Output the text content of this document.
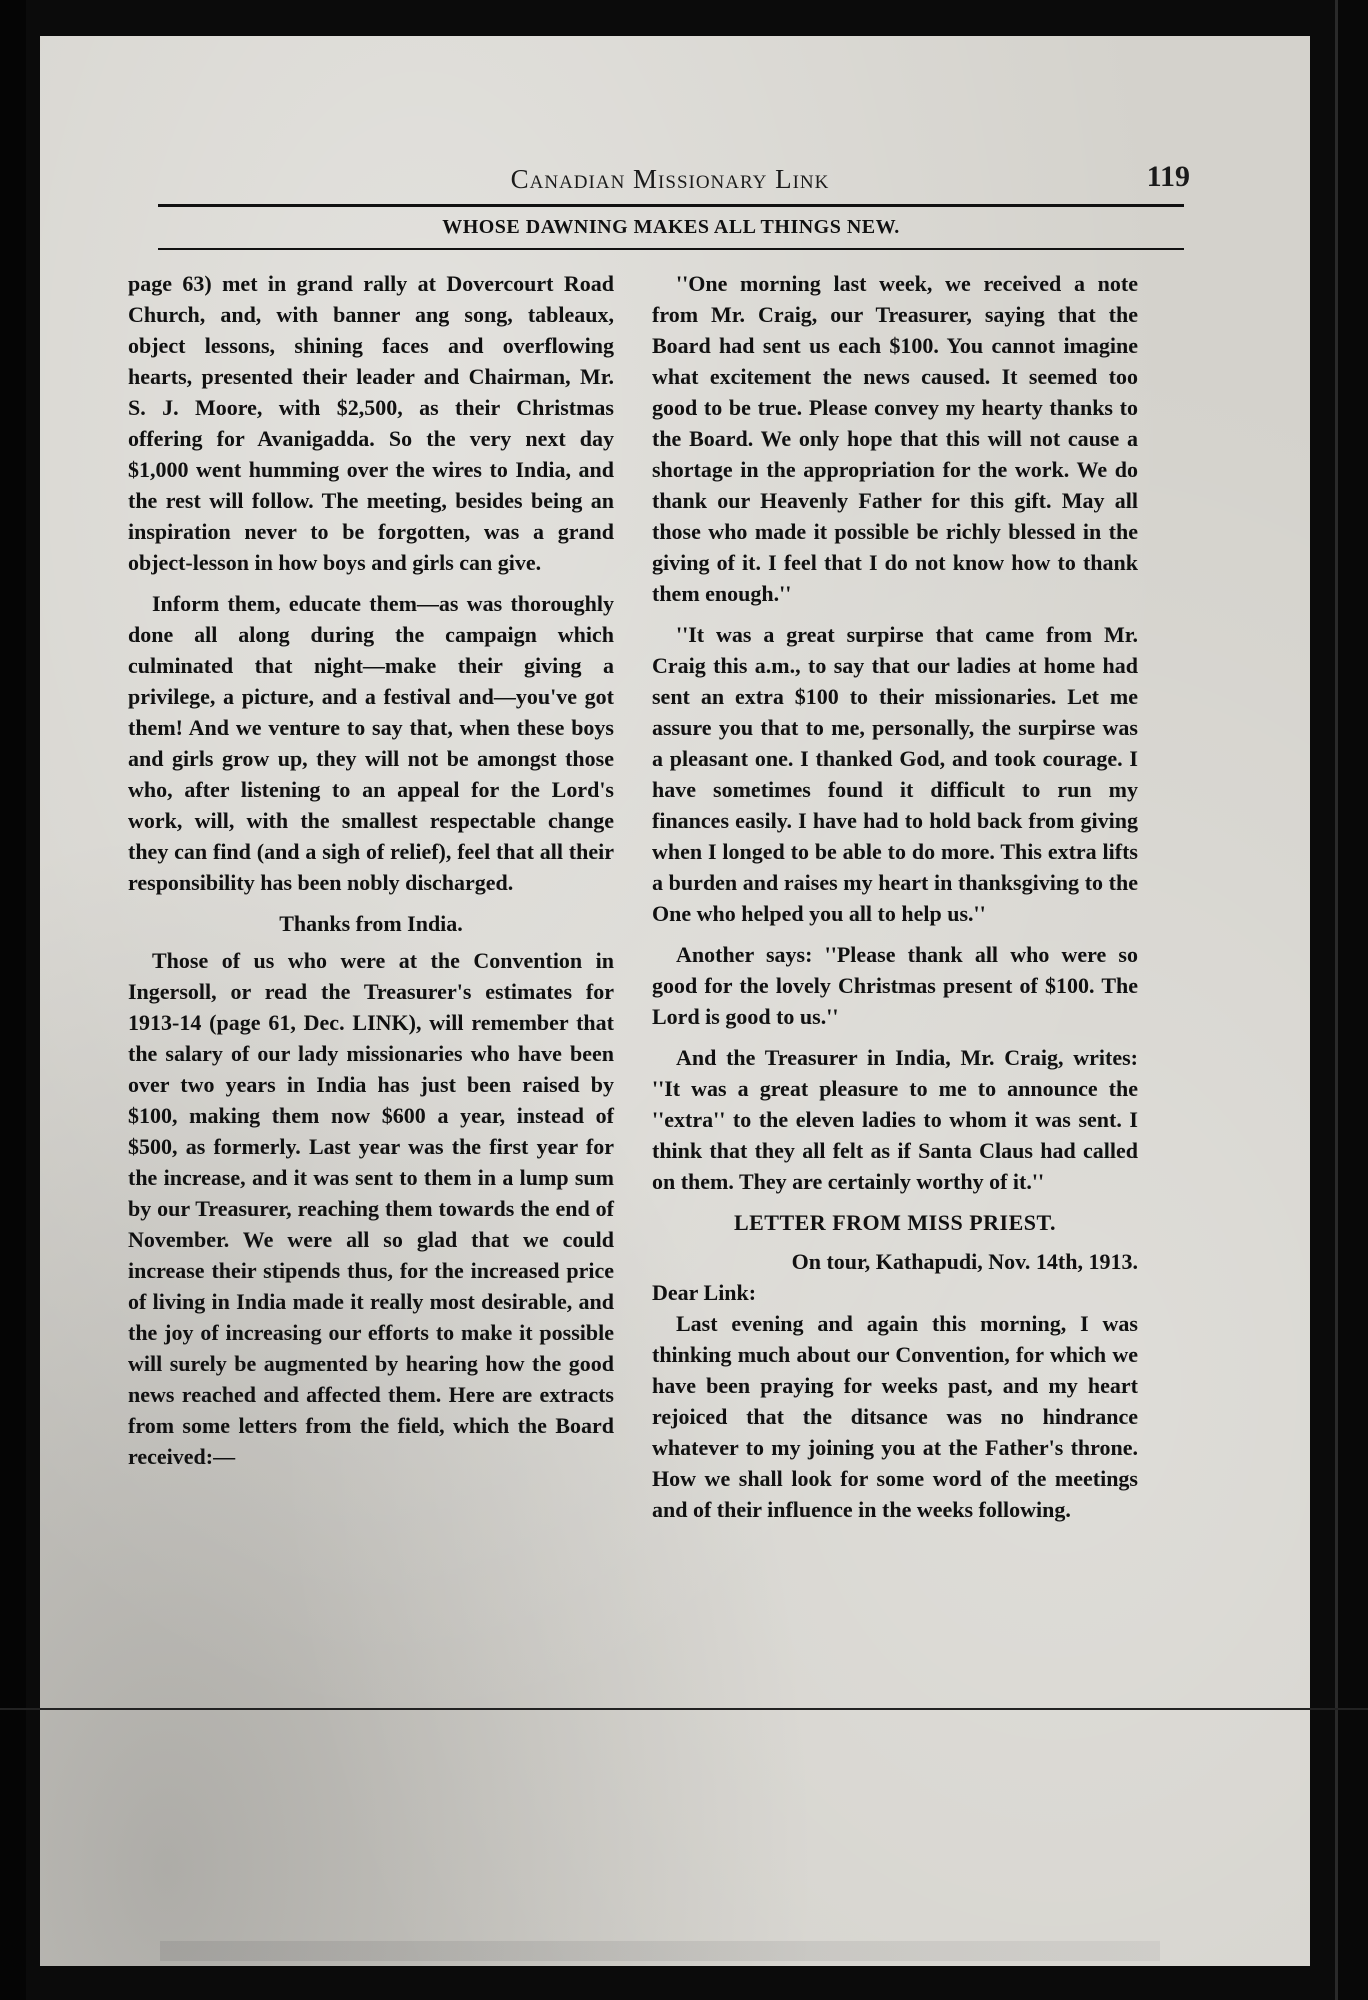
Canadian Missionary Link	119
WHOSE DAWNING MAKES ALL THINGS NEW.

page 63) met in grand rally at Dovercourt Road Church, and, with banner ang song, tableaux, object lessons, shining faces and overflowing hearts, presented their leader and Chairman, Mr. S. J. Moore, with $2,500, as their Christmas offering for Avanigadda. So the very next day $1,000 went humming over the wires to India, and the rest will follow. The meeting, besides being an inspiration never to be forgotten, was a grand object-lesson in how boys and girls can give.

Inform them, educate them—as was thoroughly done all along during the campaign which culminated that night—make their giving a privilege, a picture, and a festival and—you've got them! And we venture to say that, when these boys and girls grow up, they will not be amongst those who, after listening to an appeal for the Lord's work, will, with the smallest respectable change they can find (and a sigh of relief), feel that all their responsibility has been nobly discharged.

Thanks from India.

Those of us who were at the Convention in Ingersoll, or read the Treasurer's estimates for 1913-14 (page 61, Dec. LINK), will remember that the salary of our lady missionaries who have been over two years in India has just been raised by $100, making them now $600 a year, instead of $500, as formerly. Last year was the first year for the increase, and it was sent to them in a lump sum by our Treasurer, reaching them towards the end of November. We were all so glad that we could increase their stipends thus, for the increased price of living in India made it really most desirable, and the joy of increasing our efforts to make it possible will surely be augmented by hearing how the good news reached and affected them. Here are extracts from some letters from the field, which the Board received:—

''One morning last week, we received a note from Mr. Craig, our Treasurer, saying that the Board had sent us each $100. You cannot imagine what excitement the news caused. It seemed too good to be true. Please convey my hearty thanks to the Board. We only hope that this will not cause a shortage in the appropriation for the work. We do thank our Heavenly Father for this gift. May all those who made it possible be richly blessed in the giving of it. I feel that I do not know how to thank them enough.''

''It was a great surpirse that came from Mr. Craig this a.m., to say that our ladies at home had sent an extra $100 to their missionaries. Let me assure you that to me, personally, the surpirse was a pleasant one. I thanked God, and took courage. I have sometimes found it difficult to run my finances easily. I have had to hold back from giving when I longed to be able to do more. This extra lifts a burden and raises my heart in thanksgiving to the One who helped you all to help us.''

Another says: ''Please thank all who were so good for the lovely Christmas present of $100. The Lord is good to us.''

And the Treasurer in India, Mr. Craig, writes: ''It was a great pleasure to me to announce the ''extra'' to the eleven ladies to whom it was sent. I think that they all felt as if Santa Claus had called on them. They are certainly worthy of it.''

LETTER FROM MISS PRIEST.
On tour, Kathapudi, Nov. 14th, 1913.

Dear Link:

Last evening and again this morning, I was thinking much about our Convention, for which we have been praying for weeks past, and my heart rejoiced that the ditsance was no hindrance whatever to my joining you at the Father's throne. How we shall look for some word of the meetings and of their influence in the weeks following.
